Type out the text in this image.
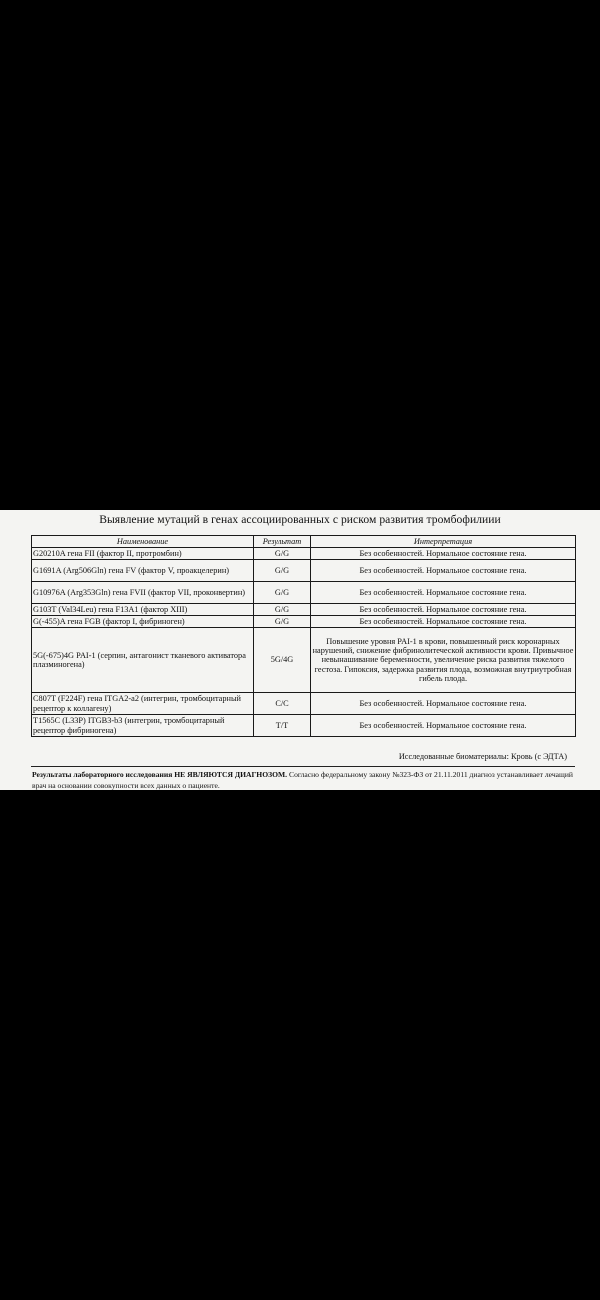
Выявление мутаций в генах ассоциированных с риском развития тромбофилиии
Наименование	Результат	Интерпретация
G20210A гена FII (фактор II, протромбин)	G/G	Без особенностей. Нормальное состояние гена.
G1691A (Arg506Gln) гена FV (фактор V, проакцелерин)	G/G	Без особенностей. Нормальное состояние гена.
G10976A (Arg353Gln) гена FVII (фактор VII, проконвертин)	G/G	Без особенностей. Нормальное состояние гена.
G103T (Val34Leu) гена F13A1 (фактор XIII)	G/G	Без особенностей. Нормальное состояние гена.
G(-455)A гена FGB (фактор I, фибриноген)	G/G	Без особенностей. Нормальное состояние гена.
5G(-675)4G PAI-1 (серпин, антагонист тканевого активатора плазминогена)	5G/4G	Повышение уровня PAI-1 в крови, повышенный риск коронарных нарушений, снижение фибринолитеческой активности крови. Привычное невынашивание беременности, увеличение риска развития тяжелого гестоза. Гипоксия, задержка развития плода, возможная внутриутробная гибель плода.
C807T (F224F) гена ITGA2-a2 (интегрин, тромбоцитарный рецептор к коллагену)	C/C	Без особенностей. Нормальное состояние гена.
T1565C (L33P) ITGB3-b3 (интегрин, тромбоцитарный рецептор фибриногена)	T/T	Без особенностей. Нормальное состояние гена.
Исследованные биоматериалы: Кровь (с ЭДТА)
Результаты лабораторного исследования НЕ ЯВЛЯЮТСЯ ДИАГНОЗОМ. Согласно федеральному закону №323-ФЗ от 21.11.2011 диагноз устанавливает лечащий врач на основании совокупности всех данных о пациенте.
